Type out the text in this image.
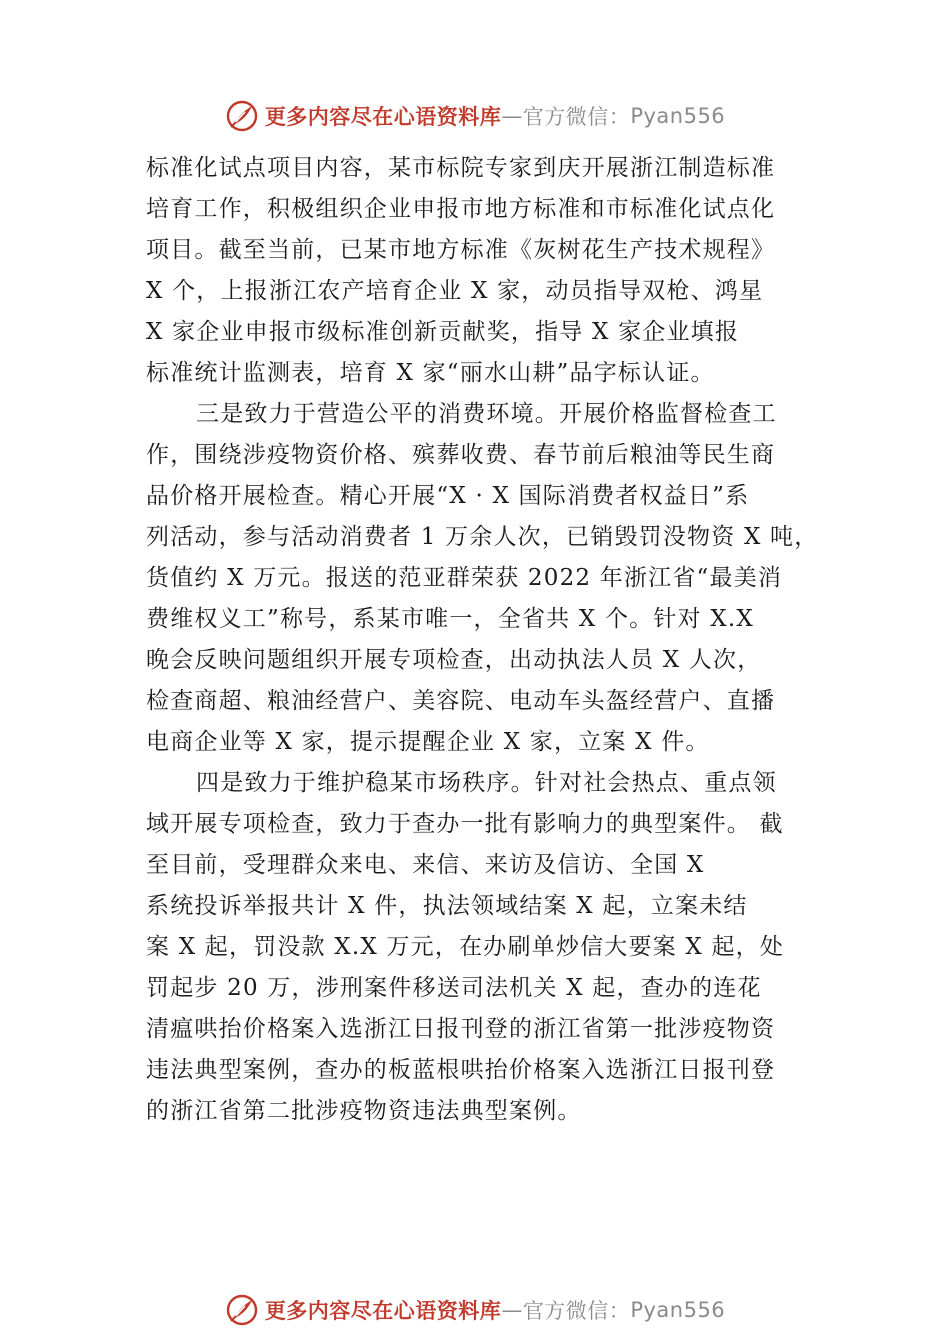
更多内容尽在心语资料库 — 官方微信： Pyan556
标准化试点项目内容，某市标院专家到庆开展浙江制造标准
培育工作，积极组织企业申报市地方标准和市标准化试点化
项目。截至当前，已某市地方标准《灰树花生产技术规程》
X 个，上报浙江农产培育企业 X 家，动员指导双枪、鸿星
X 家企业申报市级标准创新贡献奖，指导 X 家企业填报
标准统计监测表，培育 X 家“丽水山耕”品字标认证。
三是致力于营造公平的消费环境。开展价格监督检查工
作，围绕涉疫物资价格、殡葬收费、春节前后粮油等民生商
品价格开展检查。精心开展“X · X 国际消费者权益日”系
列活动，参与活动消费者 1 万余人次，已销毁罚没物资 X 吨，
货值约 X 万元。报送的范亚群荣获 2022 年浙江省“最美消
费维权义工”称号，系某市唯一，全省共 X 个。针对 X.X
晚会反映问题组织开展专项检查，出动执法人员 X 人次，
检查商超、粮油经营户、美容院、电动车头盔经营户、直播
电商企业等 X 家，提示提醒企业 X 家，立案 X 件。
四是致力于维护稳某市场秩序。针对社会热点、重点领
域开展专项检查，致力于查办一批有影响力的典型案件。 截
至目前，受理群众来电、来信、来访及信访、全国 X
系统投诉举报共计 X 件，执法领域结案 X 起，立案未结
案 X 起，罚没款 X.X 万元，在办刷单炒信大要案 X 起，处
罚起步 20 万，涉刑案件移送司法机关 X 起，查办的连花
清瘟哄抬价格案入选浙江日报刊登的浙江省第一批涉疫物资
违法典型案例，查办的板蓝根哄抬价格案入选浙江日报刊登
的浙江省第二批涉疫物资违法典型案例。
更多内容尽在心语资料库 — 官方微信： Pyan556
